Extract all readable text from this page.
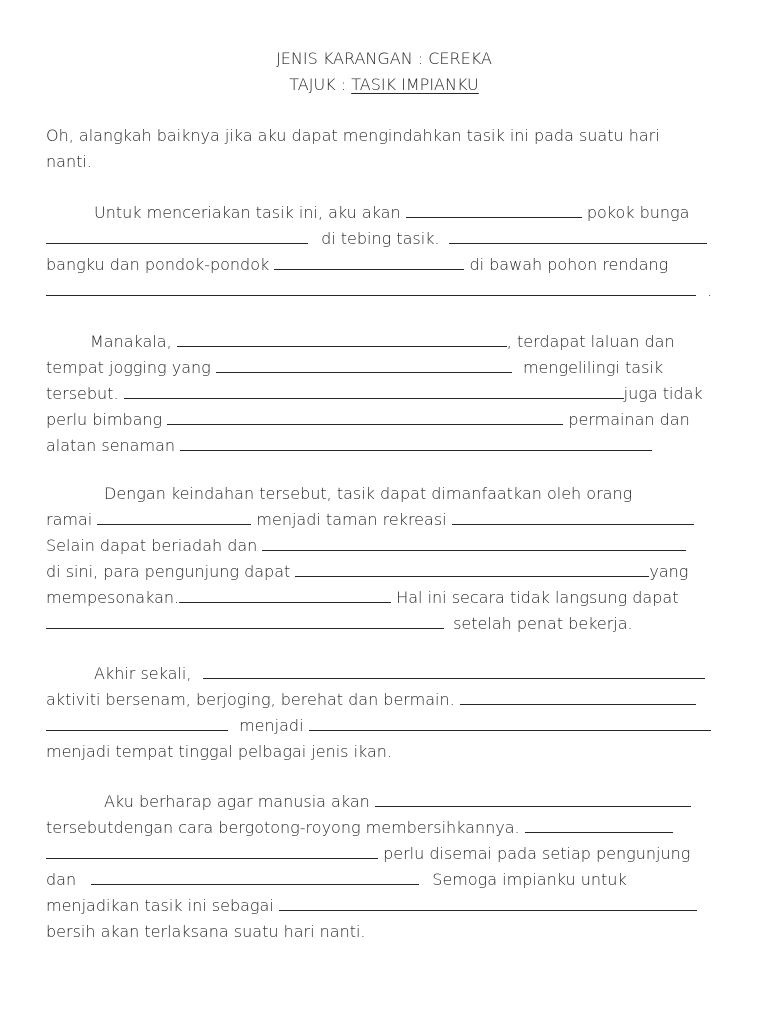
JENIS KARANGAN : CEREKA
TAJUK : TASIK IMPIANKU
Oh, alangkah baiknya jika aku dapat mengindahkan tasik ini pada suatu hari
nanti.
Untuk menceriakan tasik ini, aku akan	pokok bunga
di tebing tasik.
bangku dan pondok-pondok	di bawah pohon rendang
.
Manakala,	, terdapat laluan dan
tempat jogging yang	mengelilingi tasik
tersebut.	juga tidak
perlu bimbang	permainan dan
alatan senaman
Dengan keindahan tersebut, tasik dapat dimanfaatkan oleh orang
ramai	menjadi taman rekreasi
Selain dapat beriadah dan
di sini, para pengunjung dapat	yang
mempesonakan.	Hal ini secara tidak langsung dapat
setelah penat bekerja.
Akhir sekali,
aktiviti bersenam, berjoging, berehat dan bermain.
menjadi
menjadi tempat tinggal pelbagai jenis ikan.
Aku berharap agar manusia akan
tersebutdengan cara bergotong-royong membersihkannya.
perlu disemai pada setiap pengunjung
dan	Semoga impianku untuk
menjadikan tasik ini sebagai
bersih akan terlaksana suatu hari nanti.
